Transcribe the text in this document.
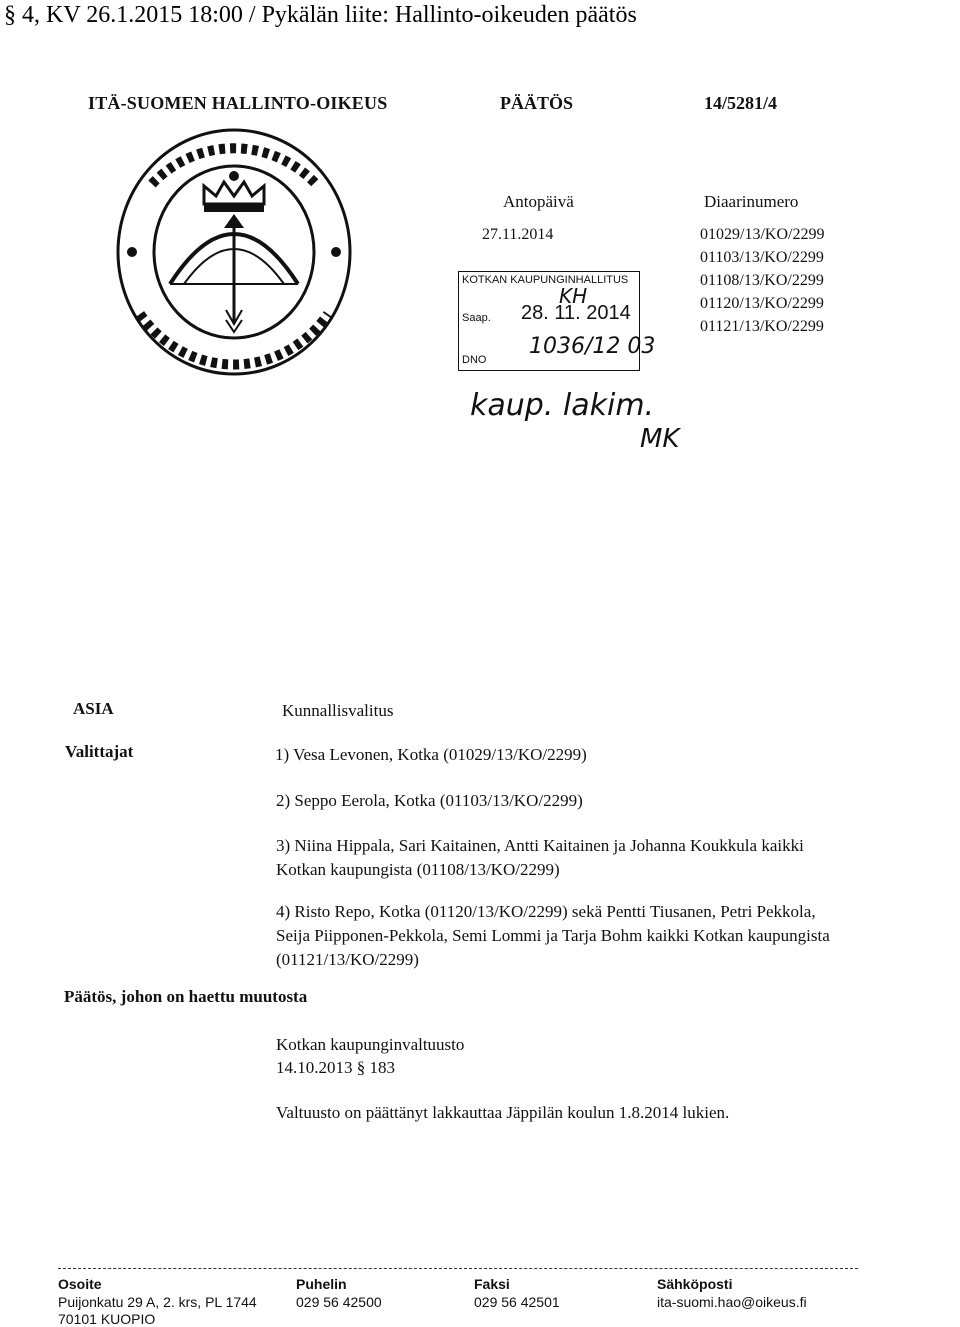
§ 4, KV 26.1.2015 18:00 / Pykälän liite: Hallinto-oikeuden päätös
ITÄ-SUOMEN HALLINTO-OIKEUS	PÄÄTÖS	14/5281/4
Antopäivä
27.11.2014
Diaarinumero
01029/13/KO/2299
01103/13/KO/2299
01108/13/KO/2299
01120/13/KO/2299
01121/13/KO/2299
KOTKAN KAUPUNGINHALLITUS
KH
Saap. 28. 11. 2014
DNO
1036/12 03
kaup. lakim.
MK
ASIA	Kunnallisvalitus
Valittajat	1) Vesa Levonen, Kotka (01029/13/KO/2299)
2) Seppo Eerola, Kotka (01103/13/KO/2299)
3) Niina Hippala, Sari Kaitainen, Antti Kaitainen ja Johanna Koukkula kaikki Kotkan kaupungista (01108/13/KO/2299)
4) Risto Repo, Kotka (01120/13/KO/2299) sekä Pentti Tiusanen, Petri Pekkola, Seija Piipponen-Pekkola, Semi Lommi ja Tarja Bohm kaikki Kotkan kaupungista (01121/13/KO/2299)
Päätös, johon on haettu muutosta
Kotkan kaupunginvaltuusto
14.10.2013 § 183
Valtuusto on päättänyt lakkauttaa Jäppilän koulun 1.8.2014 lukien.
Osoite
Puijonkatu 29 A, 2. krs, PL 1744
70101 KUOPIO
Puhelin
029 56 42500
Faksi
029 56 42501
Sähköposti
ita-suomi.hao@oikeus.fi
